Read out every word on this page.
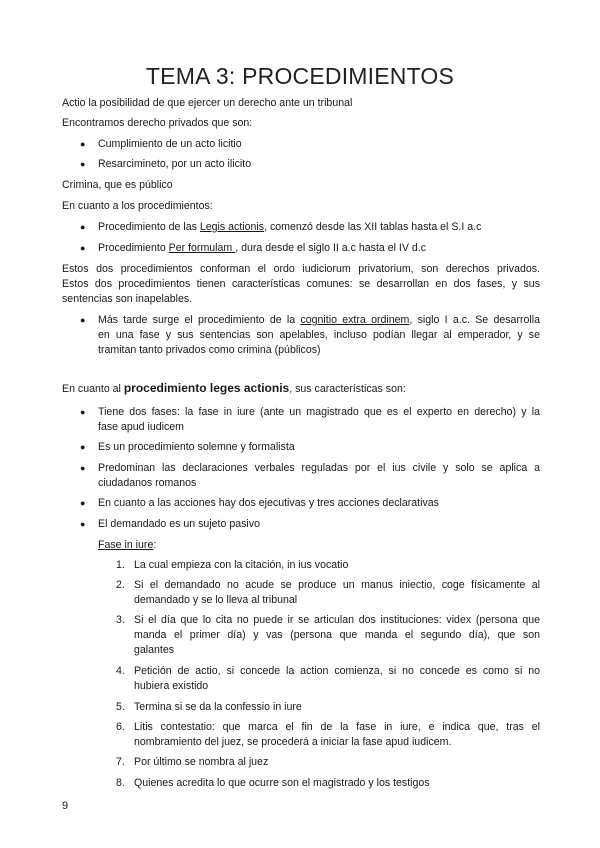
TEMA 3: PROCEDIMIENTOS
Actio la posibilidad de que ejercer un derecho ante un tribunal
Encontramos derecho privados que son:
● Cumplimiento de un acto licitio
● Resarcimineto, por un acto ilicito
Crimina, que es público
En cuanto a los procedimientos:
● Procedimiento de las Legis actionis, comenzó desde las XII tablas hasta el S.I a.c
● Procedimiento Per formulam , dura desde el siglo II a.c hasta el IV d.c
Estos dos procedimientos conforman el ordo iudiciorum privatorium, son derechos privados.
Estos dos procedimientos tienen características comunes: se desarrollan en dos fases, y sus
sentencias son inapelables.
● Más tarde surge el procedimiento de la cognitio extra ordinem, siglo I a.c. Se desarrolla
en una fase y sus sentencias son apelables, incluso podían llegar al emperador, y se
tramitan tanto privados como crimina (públicos)
En cuanto al procedimiento leges actionis, sus características son:
● Tiene dos fases: la fase in iure (ante un magistrado que es el experto en derecho) y la
fase apud iudicem
● Es un procedimiento solemne y formalista
● Predominan las declaraciones verbales reguladas por el ius civile y solo se aplica a
ciudadanos romanos
● En cuanto a las acciones hay dos ejecutivas y tres acciones declarativas
● El demandado es un sujeto pasivo
Fase in iure:
1. La cual empieza con la citación, in ius vocatio
2. Si el demandado no acude se produce un manus iniectio, coge físicamente al
demandado y se lo lleva al tribunal
3. Si el día que lo cita no puede ir se articulan dos instituciones: videx (persona que
manda el primer día) y vas (persona que manda el segundo día), que son
galantes
4. Petición de actio, si concede la action comienza, si no concede es como si no
hubiera existido
5. Termina si se da la confessio in iure
6. Litis contestatio: que marca el fin de la fase in iure, e indica que, tras el
nombramiento del juez, se procederá a iniciar la fase apud iudicem.
7. Por último se nombra al juez
8. Quienes acredita lo que ocurre son el magistrado y los testigos
9
